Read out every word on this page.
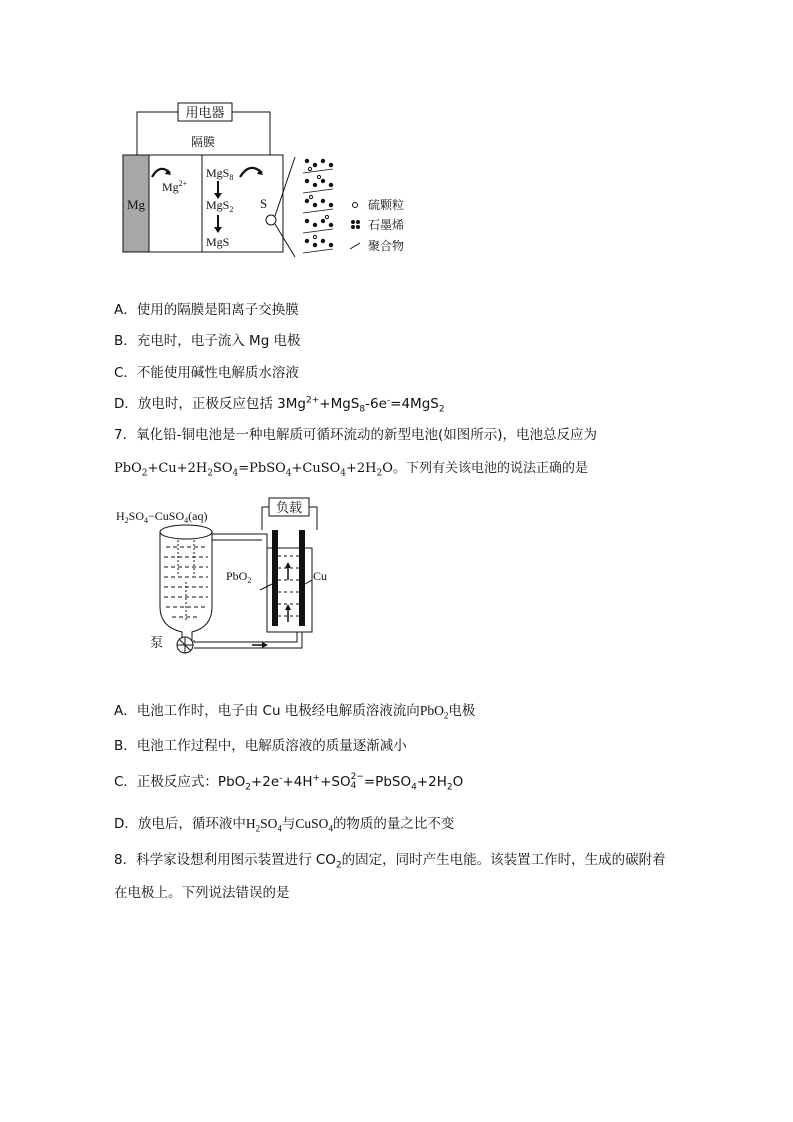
用电器
隔膜
Mg
$Mg^{2+}$
MgS$_8$
MgS$_2$
MgS
S	硫颗粒
石墨烯
聚合物
A．使用的隔膜是阳离子交换膜
B．充电时，电子流入 Mg 电极
C．不能使用碱性电解质水溶液
D．放电时，正极反应包括 $3Mg^{2+}+MgS_8-6e^-=4MgS_2$
7．氧化铅-铜电池是一种电解质可循环流动的新型电池(如图所示)，电池总反应为
$PbO_2+Cu+2H_2SO_4=PbSO_4+CuSO_4+2H_2O$。下列有关该电池的说法正确的是
$H_2SO_4-CuSO_4(aq)$	负载
PbO$_2$	Cu
泵
A．电池工作时，电子由 Cu 电极经电解质溶液流向PbO$_2$电极
B．电池工作过程中，电解质溶液的质量逐渐减小
C．正极反应式：PbO$_2$+2e-+4H++SO 2−
$4 =PbSO_4+2H_2O$
D．放电后，循环液中$H_2SO_4$与CuSO$_4$的物质的量之比不变
8．科学家设想利用图示装置进行 $CO_2$的固定，同时产生电能。该装置工作时，生成的碳附着
在电极上。下列说法错误的是
